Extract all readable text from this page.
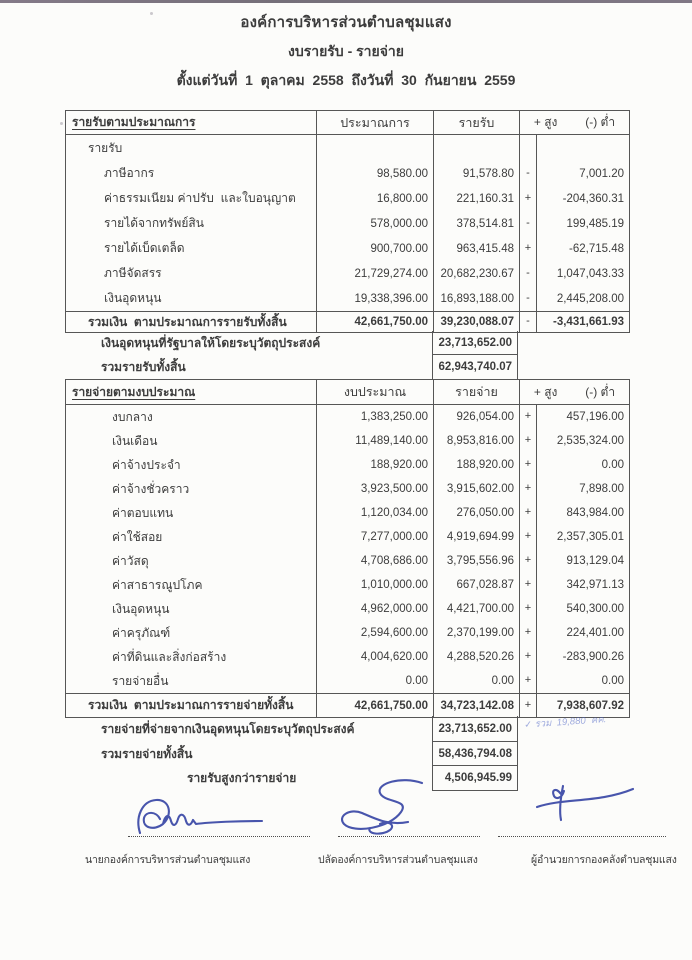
องค์การบริหารส่วนตำบลชุมแสง
งบรายรับ - รายจ่าย
ตั้งแต่วันที่  1  ตุลาคม  2558  ถึงวันที่  30  กันยายน  2559
รายรับตามประมาณการ	ประมาณการ	รายรับ	+ สูง (-) ต่ำ
รายรับ
ภาษีอากร	98,580.00	91,578.80	-	7,001.20
ค่าธรรมเนียม ค่าปรับ  และใบอนุญาต	16,800.00	221,160.31 +	-204,360.31
รายได้จากทรัพย์สิน	578,000.00	378,514.81	-	199,485.19
รายได้เบ็ดเตล็ด	900,700.00	963,415.48 +	-62,715.48
ภาษีจัดสรร	21,729,274.00	20,682,230.67	-	1,047,043.33
เงินอุดหนุน	19,338,396.00	16,893,188.00	-	2,445,208.00
รวมเงิน  ตามประมาณการรายรับทั้งสิ้น	42,661,750.00	39,230,088.07	-	-3,431,661.93
เงินอุดหนุนที่รัฐบาลให้โดยระบุวัตถุประสงค์	23,713,652.00
รวมรายรับทั้งสิ้น	62,943,740.07
รายจ่ายตามงบประมาณ	งบประมาณ	รายจ่าย	+ สูง (-) ต่ำ
งบกลาง	1,383,250.00	926,054.00 +	457,196.00
เงินเดือน	11,489,140.00	8,953,816.00 +	2,535,324.00
ค่าจ้างประจำ	188,920.00	188,920.00 +	0.00
ค่าจ้างชั่วคราว	3,923,500.00	3,915,602.00 +	7,898.00
ค่าตอบแทน	1,120,034.00	276,050.00 +	843,984.00
ค่าใช้สอย	7,277,000.00	4,919,694.99 +	2,357,305.01
ค่าวัสดุ	4,708,686.00	3,795,556.96 +	913,129.04
ค่าสาธารณูปโภค	1,010,000.00	667,028.87 +	342,971.13
เงินอุดหนุน	4,962,000.00	4,421,700.00 +	540,300.00
ค่าครุภัณฑ์	2,594,600.00	2,370,199.00 +	224,401.00
ค่าที่ดินและสิ่งก่อสร้าง	4,004,620.00	4,288,520.26 +	-283,900.26
รายจ่ายอื่น	0.00	0.00 +	0.00
รวมเงิน  ตามประมาณการรายจ่ายทั้งสิ้น	42,661,750.00	34,723,142.08 +	7,938,607.92
รายจ่ายที่จ่ายจากเงินอุดหนุนโดยระบุวัตถุประสงค์	23,713,652.00
รวมรายจ่ายทั้งสิ้น	58,436,794.08
รายรับสูงกว่ารายจ่าย	4,506,945.99
✓ รวม  19,880  คค.
นายกองค์การบริหารส่วนตำบลชุมแสง	ปลัดองค์การบริหารส่วนตำบลชุมแสง	ผู้อำนวยการกองคลังตำบลชุมแสง
